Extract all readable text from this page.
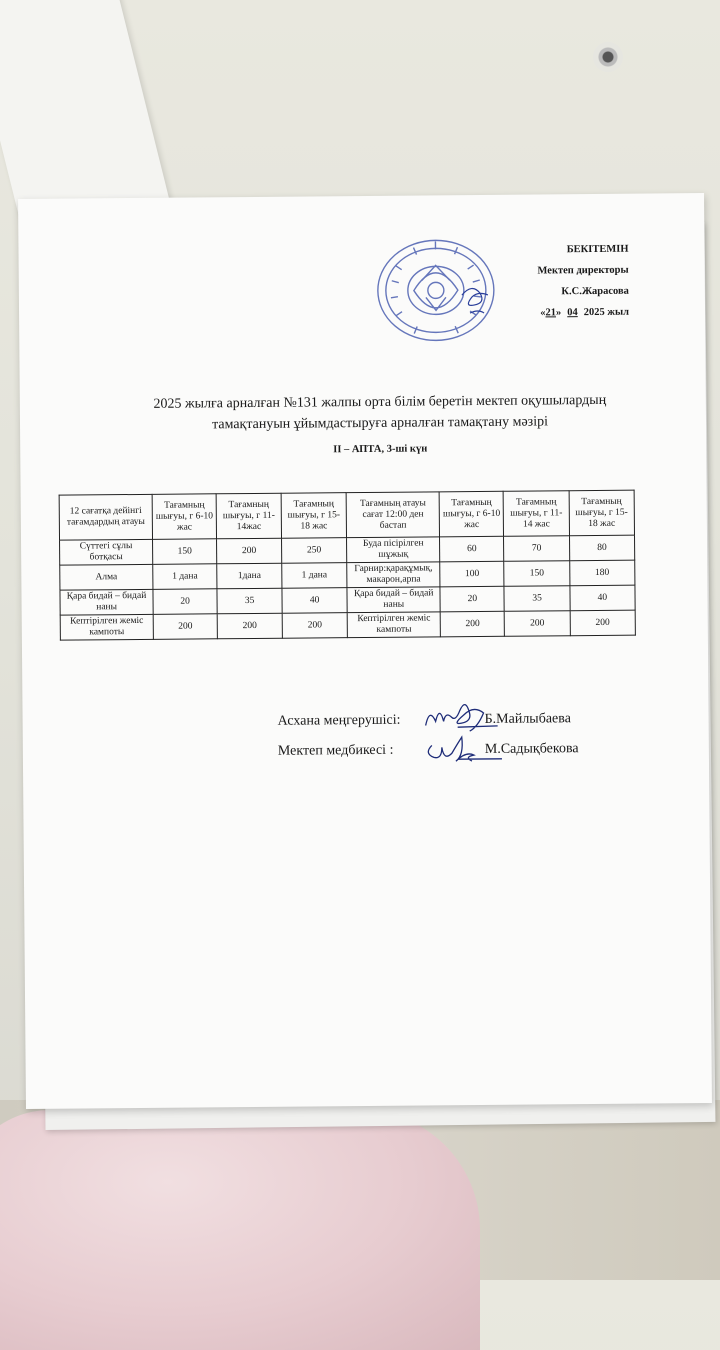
БЕКІТЕМІН
Мектеп директоры
К.С.Жарасова
«21» 04 2025 жыл
2025 жылға арналған №131 жалпы орта білім беретін мектеп оқушылардың
тамақтануын ұйымдастыруға арналған тамақтану мәзірі
II – АПТА, 3-ші күн
12 сағатқа дейінгі тағамдардың атауы	Тағамның шығуы, г 6-10 жас	Тағамның шығуы, г 11-14жас	Тағамның шығуы, г 15-18 жас	Тағамның атауы сағат 12:00 ден бастап	Тағамның шығуы, г 6-10 жас	Тағамның шығуы, г 11-14 жас	Тағамның шығуы, г 15-18 жас
Сүттегі сұлы ботқасы	150	200	250	Буда пісірілген шұжық	60	70	80
Алма	1 дана	1дана	1 дана	Гарнир:қарақұмық, макарон,арпа	100	150	180
Қара бидай – бидай наны	20	35	40	Қара бидай – бидай наны	20	35	40
Кептірілген жеміс кампоты	200	200	200	Кептірілген жеміс кампоты	200	200	200
Асхана меңгерушісі:	Б.Майлыбаева
Мектеп медбикесі :	М.Садықбекова
